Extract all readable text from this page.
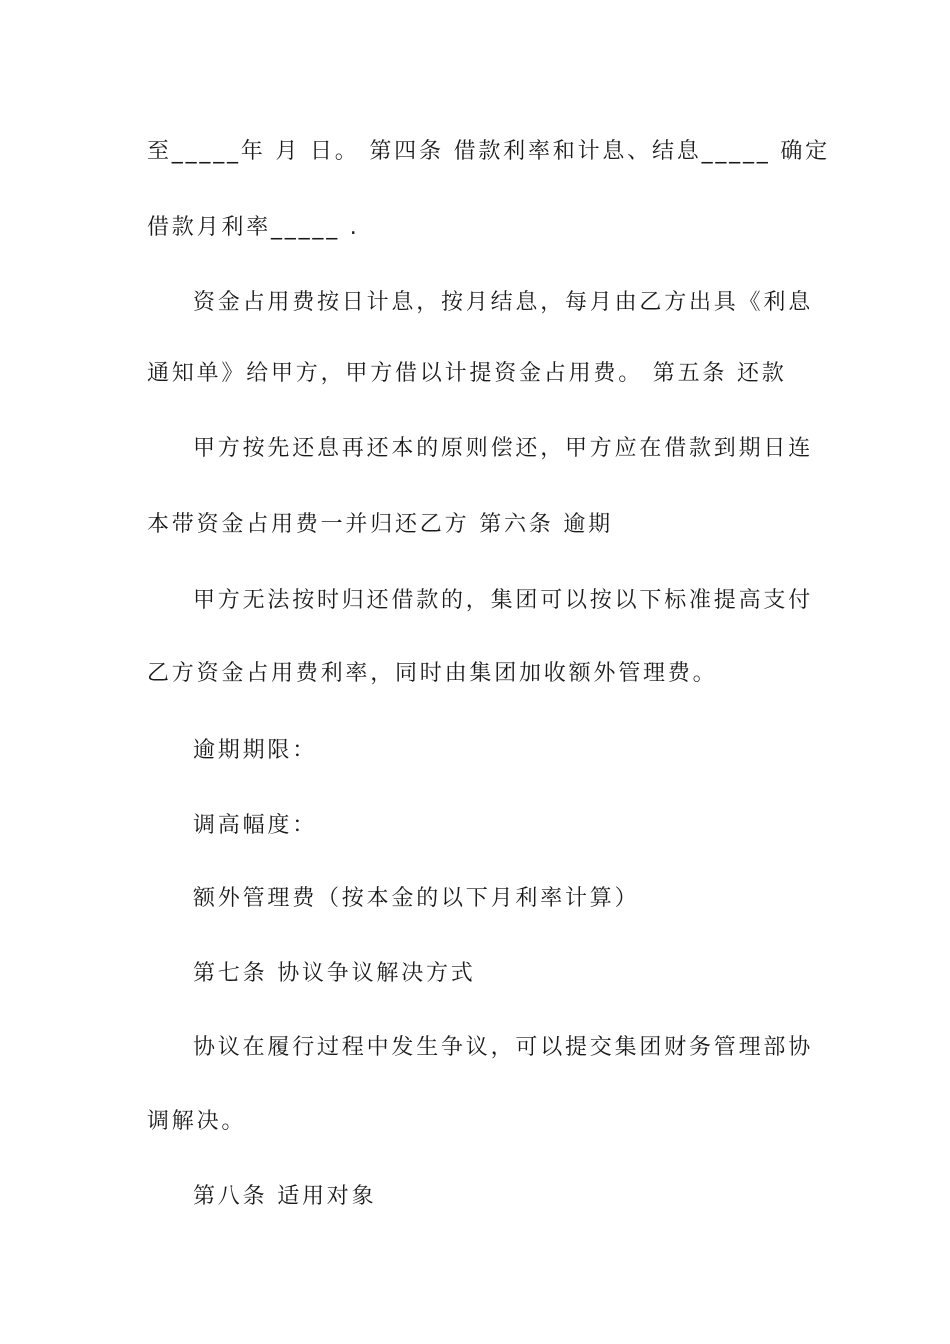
至_____年 月 日。 第四条 借款利率和计息、结息_____ 确定
借款月利率_____ .
资金占用费按日计息，按月结息，每月由乙方出具《利息
通知单》给甲方，甲方借以计提资金占用费。 第五条 还款
甲方按先还息再还本的原则偿还，甲方应在借款到期日连
本带资金占用费一并归还乙方 第六条 逾期
甲方无法按时归还借款的，集团可以按以下标准提高支付
乙方资金占用费利率，同时由集团加收额外管理费。
逾期期限：
调高幅度：
额外管理费（按本金的以下月利率计算）
第七条 协议争议解决方式
协议在履行过程中发生争议，可以提交集团财务管理部协
调解决。
第八条 适用对象
